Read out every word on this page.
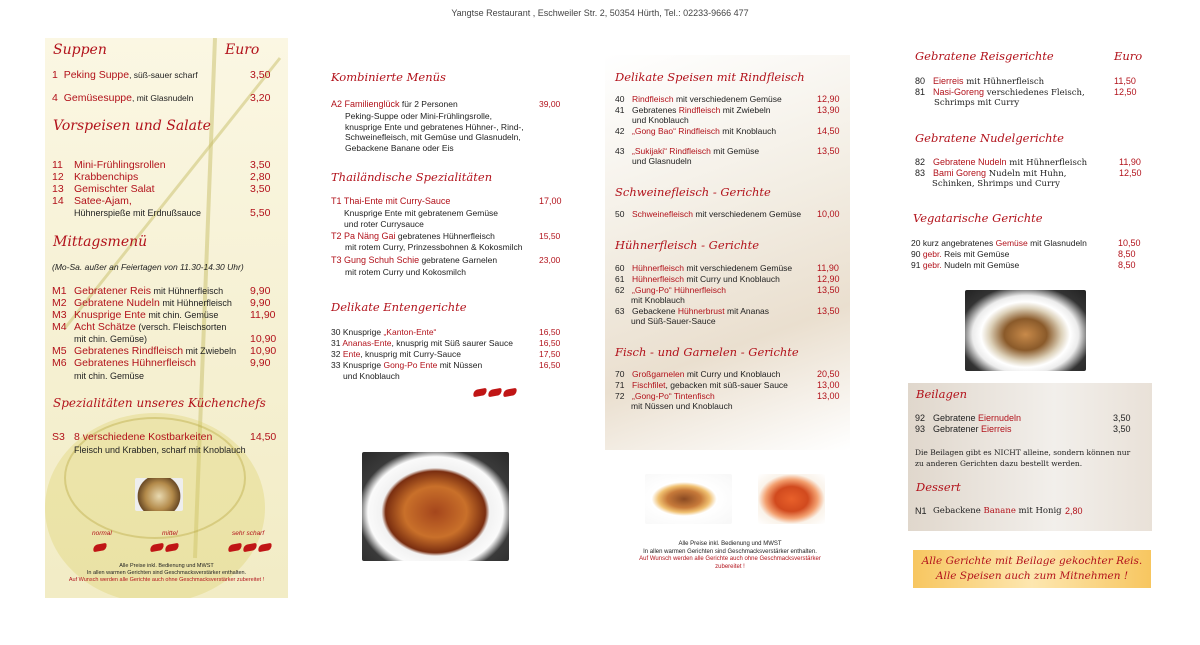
Yangtse Restaurant , Eschweiler Str. 2, 50354 Hürth, Tel.: 02233-9666 477
Suppen	Euro
1 Peking Suppe, süß-sauer scharf	3,50
4 Gemüsesuppe, mit Glasnudeln	3,20
Vorspeisen und Salate
11 Mini-Frühlingsrollen	3,50
12 Krabbenchips	2,80
13 Gemischter Salat	3,50
14 Satee-Ajam,
Hühnerspieße mit Erdnußsauce	5,50
Mittagsmenü
(Mo-Sa. außer an Feiertagen von 11.30-14.30 Uhr)
M1 Gebratener Reis mit Hühnerfleisch	9,90
M2 Gebratene Nudeln mit Hühnerfleisch 9,90
M3 Knusprige Ente mit chin. Gemüse	11,90
M4 Acht Schätze (versch. Fleischsorten
mit chin. Gemüse)	10,90
M5 Gebratenes Rindfleisch mit Zwiebeln 10,90
M6 Gebratenes Hühnerfleisch	9,90
mit chin. Gemüse
Spezialitäten unseres Küchenchefs
S3 8 verschiedene Kostbarkeiten	14,50
Fleisch und Krabben, scharf mit Knoblauch
normal	mittel	sehr scharf
Alle Preise inkl. Bedienung und MWST
In allen warmen Gerichten sind Geschmacksverstärker enthalten.
Auf Wunsch werden alle Gerichte auch ohne Geschmacksverstärker zubereitet !
Kombinierte Menüs
A2 Familienglück für 2 Personen	39,00
Peking-Suppe oder Mini-Frühlingsrolle,
knusprige Ente und gebratenes Hühner-, Rind-,
Schweinefleisch, mit Gemüse und Glasnudeln,
Gebackene Banane oder Eis
Thailändische Spezialitäten
T1 Thai-Ente mit Curry-Sauce	17,00
Knusprige Ente mit gebratenem Gemüse
und roter Currysauce
T2 Pa Näng Gai gebratenes Hühnerfleisch	15,50
mit rotem Curry, Prinzessbohnen & Kokosmilch
T3 Gung Schuh Schie gebratene Garnelen	23,00
mit rotem Curry und Kokosmilch
Delikate Entengerichte
30 Knusprige „Kanton-Ente“	16,50
31 Ananas-Ente, knusprig mit Süß saurer Sauce	16,50
32 Ente, knusprig mit Curry-Sauce	17,50
33 Knusprige Gong-Po Ente mit Nüssen	16,50
und Knoblauch
Delikate Speisen mit Rindfleisch
40 Rindfleisch mit verschiedenem Gemüse	12,90
41 Gebratenes Rindfleisch mit Zwiebeln	13,90
und Knoblauch
42 „Gong Bao“ Rindfleisch mit Knoblauch	14,50
43 „Sukijaki“ Rindfleisch mit Gemüse	13,50
und Glasnudeln
Schweinefleisch - Gerichte
50 Schweinefleisch mit verschiedenem Gemüse 10,00
Hühnerfleisch - Gerichte
60 Hühnerfleisch mit verschiedenem Gemüse	11,90
61 Hühnerfleisch mit Curry und Knoblauch	12,90
62 „Gung-Po“ Hühnerfleisch	13,50
mit Knoblauch
63 Gebackene Hühnerbrust mit Ananas	13,50
und Süß-Sauer-Sauce
Fisch - und Garnelen - Gerichte
70 Großgarnelen mit Curry und Knoblauch	20,50
71 Fischfilet, gebacken mit süß-sauer Sauce	13,00
72 „Gong-Po“ Tintenfisch	13,00
mit Nüssen und Knoblauch
Alle Preise inkl. Bedienung und MWST
In allen warmen Gerichten sind Geschmacksverstärker enthalten.
Auf Wunsch werden alle Gerichte auch ohne Geschmacksverstärker
zubereitet !
Gebratene Reisgerichte	Euro
80 Eierreis mit Hühnerfleisch	11,50
81 Nasi-Goreng verschiedenes Fleisch,	12,50
Schrimps mit Curry
Gebratene Nudelgerichte
82 Gebratene Nudeln mit Hühnerfleisch	11,90
83 Bami Goreng Nudeln mit Huhn,	12,50
Schinken, Shrimps und Curry
Vegatarische Gerichte
20 kurz angebratenes Gemüse mit Glasnudeln	10,50
90 gebr. Reis mit Gemüse	8,50
91 gebr. Nudeln mit Gemüse	8,50
Beilagen
92 Gebratene Eiernudeln	3,50
93 Gebratener Eierreis	3,50
Die Beilagen gibt es NICHT alleine, sondern können nur
zu anderen Gerichten dazu bestellt werden.
Dessert
N1 Gebackene Banane mit Honig 2,80
Alle Gerichte mit Beilage gekochter Reis.
Alle Speisen auch zum Mitnehmen !
